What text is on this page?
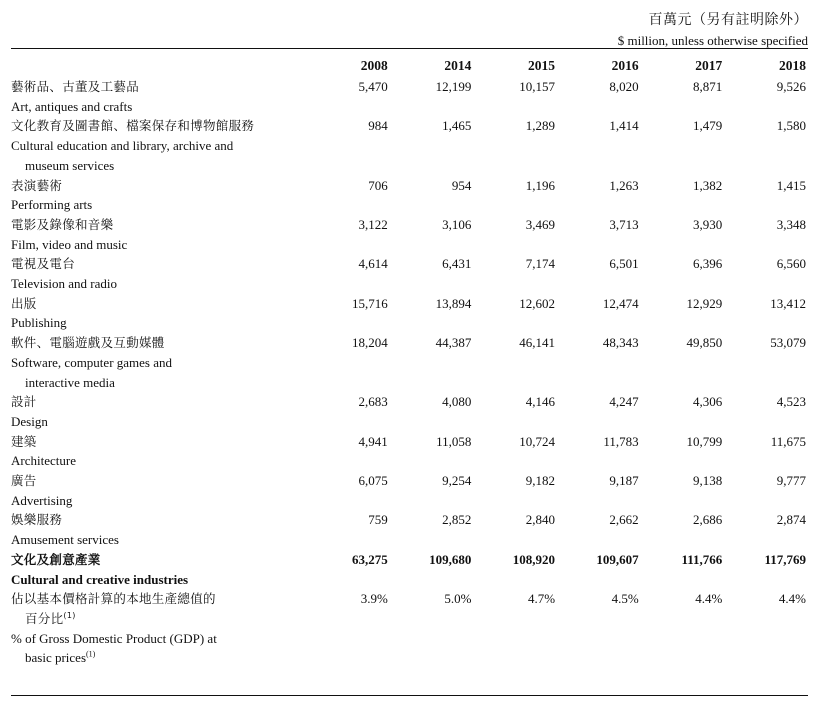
百萬元（另有註明除外）
$ million, unless otherwise specified
	2008	2014	2015	2016	2017	2018

藝術品、古董及工藝品
Art, antiques and crafts	5,470	12,199	10,157	8,020	8,871	9,526

文化教育及圖書館、檔案保存和博物館服務
Cultural education and library, archive and
museum services	984	1,465	1,289	1,414	1,479	1,580

表演藝術
Performing arts	706	954	1,196	1,263	1,382	1,415

電影及錄像和音樂
Film, video and music	3,122	3,106	3,469	3,713	3,930	3,348

電視及電台
Television and radio	4,614	6,431	7,174	6,501	6,396	6,560

出版
Publishing	15,716	13,894	12,602	12,474	12,929	13,412

軟件、電腦遊戲及互動媒體
Software, computer games and
interactive media	18,204	44,387	46,141	48,343	49,850	53,079

設計
Design	2,683	4,080	4,146	4,247	4,306	4,523

建築
Architecture	4,941	11,058	10,724	11,783	10,799	11,675

廣告
Advertising	6,075	9,254	9,182	9,187	9,138	9,777

娛樂服務
Amusement services	759	2,852	2,840	2,662	2,686	2,874

文化及創意產業
Cultural and creative industries	63,275	109,680	108,920	109,607	111,766	117,769

佔以基本價格計算的本地生產總值的
百分比$^{(1)}$
% of Gross Domestic Product (GDP) at
basic prices$^{(1)}$	3.9%	5.0%	4.7%	4.5%	4.4%	4.4%
